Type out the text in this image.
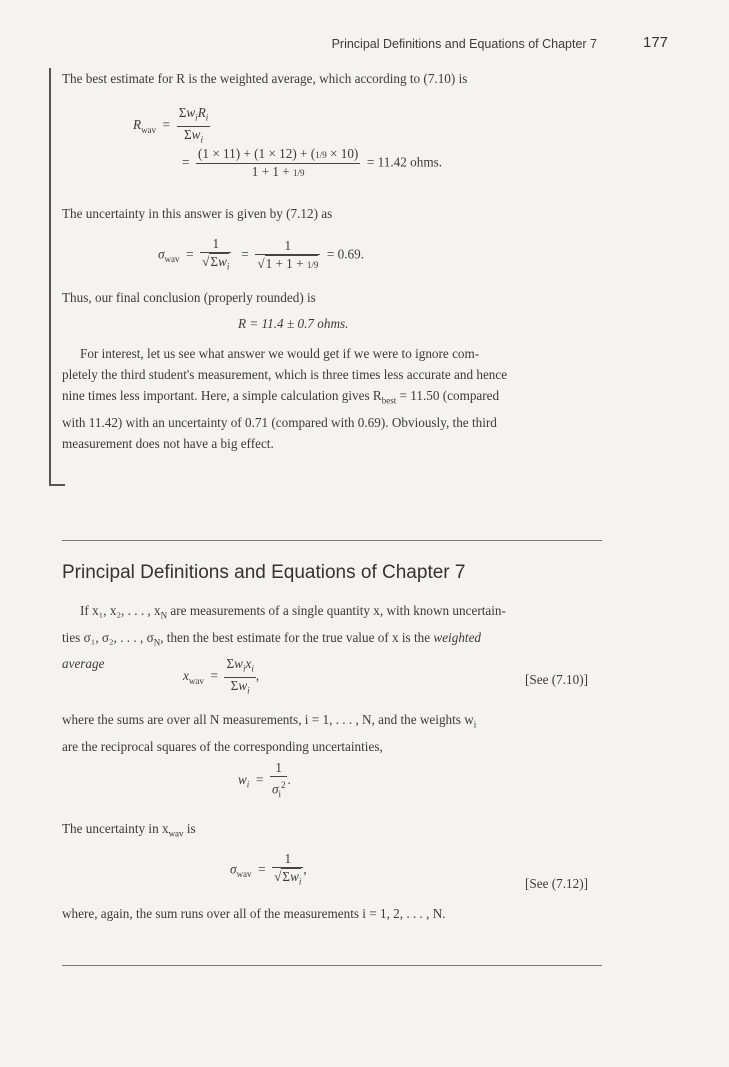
Principal Definitions and Equations of Chapter 7	177
The best estimate for R is the weighted average, which according to (7.10) is
$R_{wav} = \frac{\Sigma w_iR_i}{\Sigma w_i}$
= $\frac{(1 \times 11) + (1 \times 12) + (1/9 \times 10)}{1 + 1 + 1/9} = 11.42$ ohms.
The uncertainty in this answer is given by (7.12) as
$\sigma_{wav} = \frac{1}{√\Sigma w_i} = \frac{1}{√1 + 1 + 1/9} = 0.69$.
Thus, our final conclusion (properly rounded) is
R = 11.4 ± 0.7 ohms.
For interest, let us see what answer we would get if we were to ignore com-
pletely the third student's measurement, which is three times less accurate and hence
nine times less important. Here, a simple calculation gives $R_{best} = 11.50$ (compared
with 11.42) with an uncertainty of 0.71 (compared with 0.69). Obviously, the third
measurement does not have a big effect.
Principal Definitions and Equations of Chapter 7
If x₁, x₂, . . . , $x_N$ are measurements of a single quantity x, with known uncertain-
ties σ₁, σ₂, . . . , $\sigma_N$, then the best estimate for the true value of x is the weighted
average
$x_{wav} = \frac{\Sigma w_ix_i}{\Sigma w_i}$ ,	[See (7.10)]
where the sums are over all N measurements, i = 1, . . . , N, and the weights $w_i$
are the reciprocal squares of the corresponding uncertainties,
$w_i = \frac{1}{\sigma_i^2}$ .
The uncertainty in $x_{wav}$ is
$\sigma_{wav} = \frac{1}{√\Sigma w_i}$ ,
[See (7.12)]
where, again, the sum runs over all of the measurements i = 1, 2, . . . , N.
